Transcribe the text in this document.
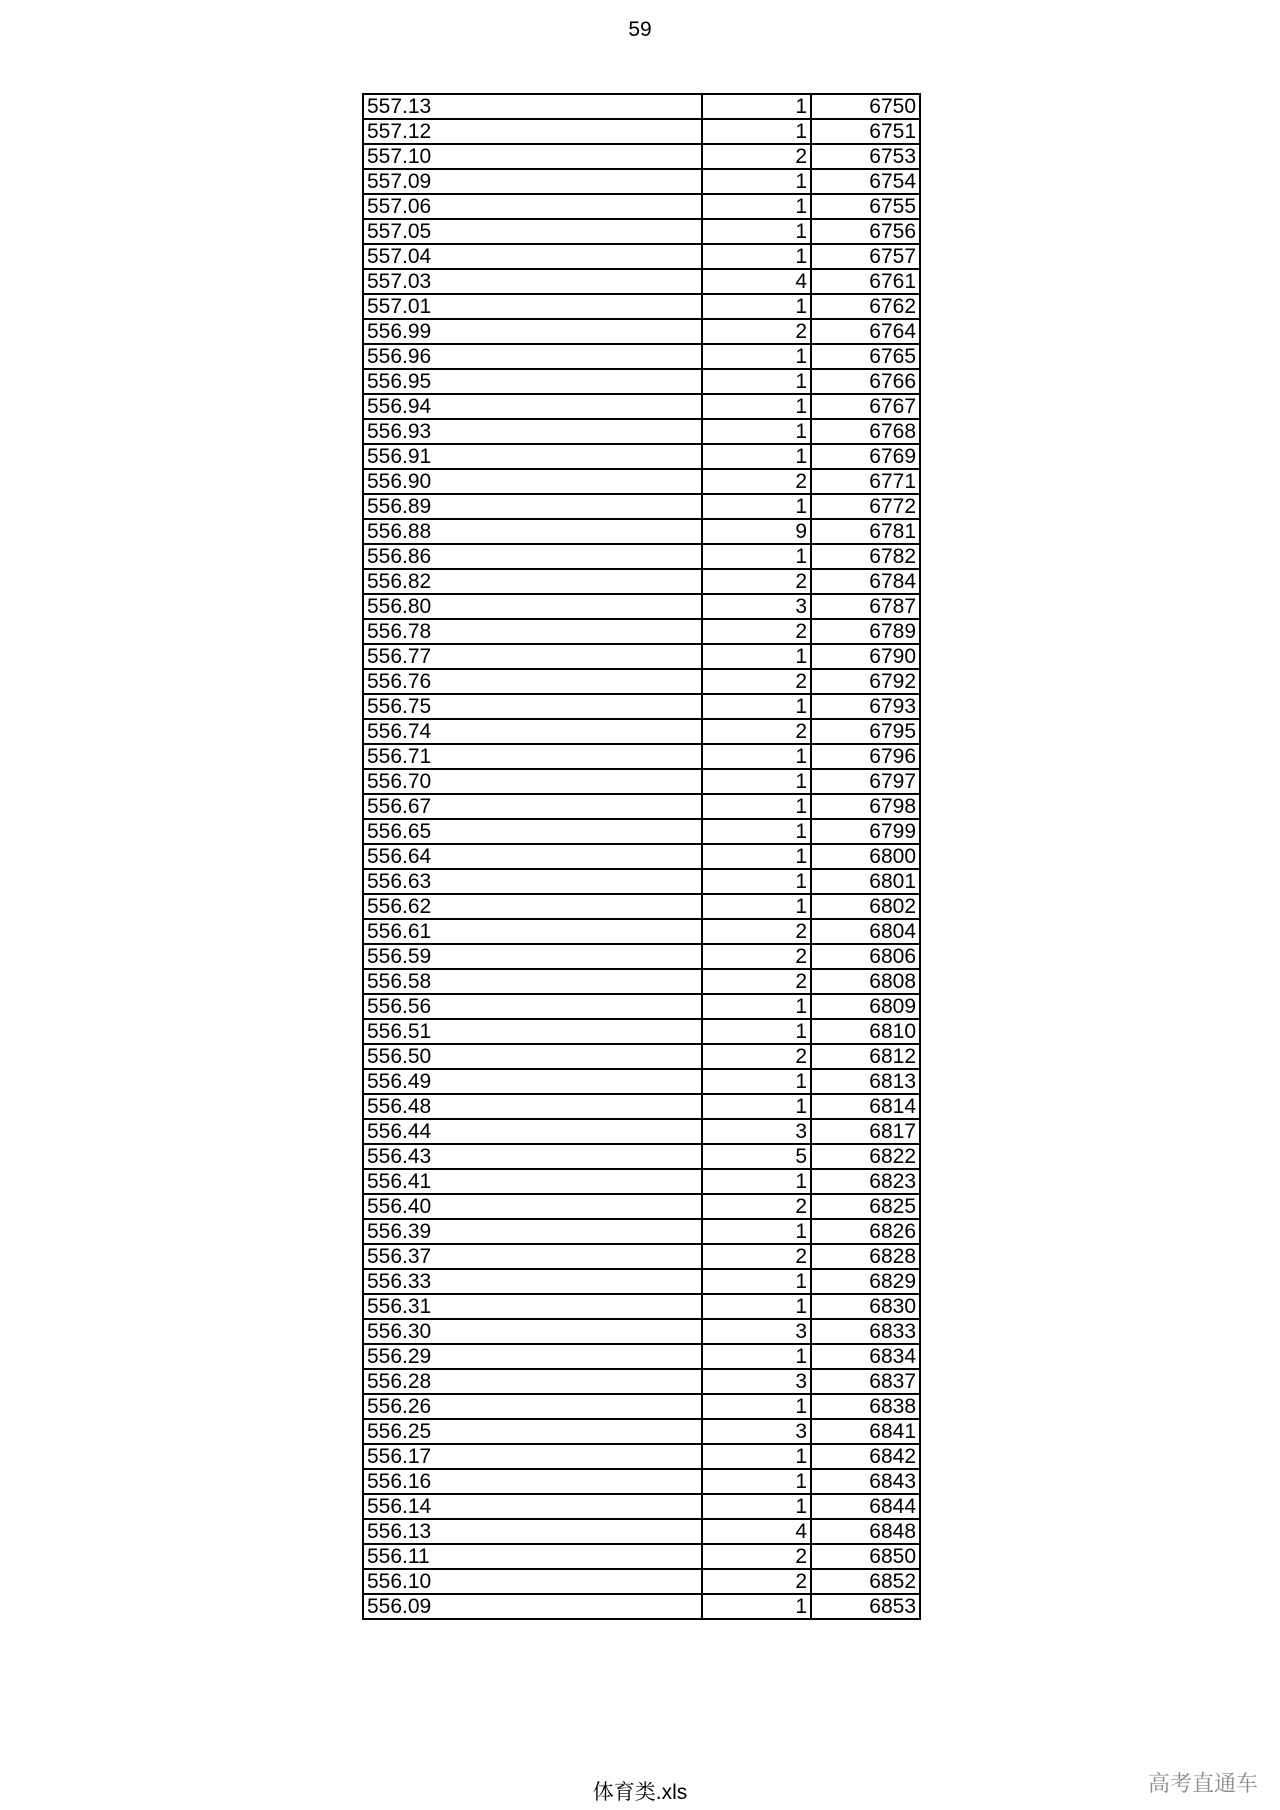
59
557.13	1	6750
557.12	1	6751
557.10	2	6753
557.09	1	6754
557.06	1	6755
557.05	1	6756
557.04	1	6757
557.03	4	6761
557.01	1	6762
556.99	2	6764
556.96	1	6765
556.95	1	6766
556.94	1	6767
556.93	1	6768
556.91	1	6769
556.90	2	6771
556.89	1	6772
556.88	9	6781
556.86	1	6782
556.82	2	6784
556.80	3	6787
556.78	2	6789
556.77	1	6790
556.76	2	6792
556.75	1	6793
556.74	2	6795
556.71	1	6796
556.70	1	6797
556.67	1	6798
556.65	1	6799
556.64	1	6800
556.63	1	6801
556.62	1	6802
556.61	2	6804
556.59	2	6806
556.58	2	6808
556.56	1	6809
556.51	1	6810
556.50	2	6812
556.49	1	6813
556.48	1	6814
556.44	3	6817
556.43	5	6822
556.41	1	6823
556.40	2	6825
556.39	1	6826
556.37	2	6828
556.33	1	6829
556.31	1	6830
556.30	3	6833
556.29	1	6834
556.28	3	6837
556.26	1	6838
556.25	3	6841
556.17	1	6842
556.16	1	6843
556.14	1	6844
556.13	4	6848
556.11	2	6850
556.10	2	6852
556.09	1	6853
体育类.xls	高考直通车
